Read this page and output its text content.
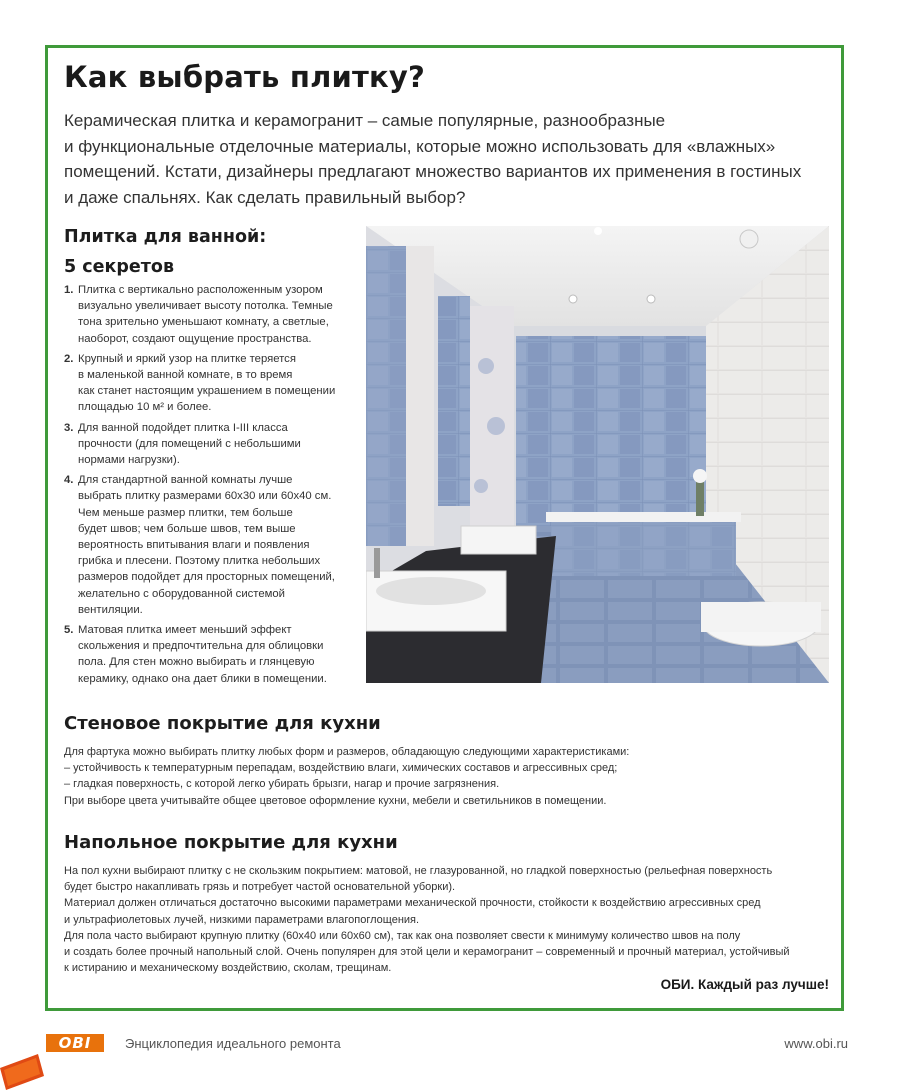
Как выбрать плитку?

Керамическая плитка и керамогранит – самые популярные, разнообразные

и функциональные отделочные материалы, которые можно использовать для «влажных»

помещений. Кстати, дизайнеры предлагают множество вариантов их применения в гостиных

и даже спальнях. Как сделать правильный выбор?

Плитка для ванной:
5 секретов
1. Плитка с вертикально расположенным узором
визуально увеличивает высоту потолка. Темные
тона зрительно уменьшают комнату, а светлые,
наоборот, создают ощущение пространства.
2. Крупный и яркий узор на плитке теряется
в маленькой ванной комнате, в то время
как станет настоящим украшением в помещении
площадью 10 м² и более.
3. Для ванной подойдет плитка I-III класса
прочности (для помещений с небольшими
нормами нагрузки).
4. Для стандартной ванной комнаты лучше
выбрать плитку размерами 60x30 или 60x40 см.
Чем меньше размер плитки, тем больше
будет швов; чем больше швов, тем выше
вероятность впитывания влаги и появления
грибка и плесени. Поэтому плитка небольших
размеров подойдет для просторных помещений,
желательно с оборудованной системой
вентиляции.
5. Матовая плитка имеет меньший эффект
скольжения и предпочтительна для облицовки
пола. Для стен можно выбирать и глянцевую
керамику, однако она дает блики в помещении.
Стеновое покрытие для кухни

Для фартука можно выбирать плитку любых форм и размеров, обладающую следующими характеристиками:

– устойчивость к температурным перепадам, воздействию влаги, химических составов и агрессивных сред;

– гладкая поверхность, с которой легко убирать брызги, нагар и прочие загрязнения.

При выборе цвета учитывайте общее цветовое оформление кухни, мебели и светильников в помещении.

Напольное покрытие для кухни

На пол кухни выбирают плитку с не скользким покрытием: матовой, не глазурованной, но гладкой поверхностью (рельефная поверхность

будет быстро накапливать грязь и потребует частой основательной уборки).

Материал должен отличаться достаточно высокими параметрами механической прочности, стойкости к воздействию агрессивных сред

и ультрафиолетовых лучей, низкими параметрами влагопоглощения.

Для пола часто выбирают крупную плитку (60x40 или 60x60 см), так как она позволяет свести к минимуму количество швов на полу

и создать более прочный напольный слой. Очень популярен для этой цели и керамогранит – современный и прочный материал, устойчивый

к истиранию и механическому воздействию, сколам, трещинам.

ОБИ. Каждый раз лучше!
OBI	Энциклопедия идеального ремонта	www.obi.ru
